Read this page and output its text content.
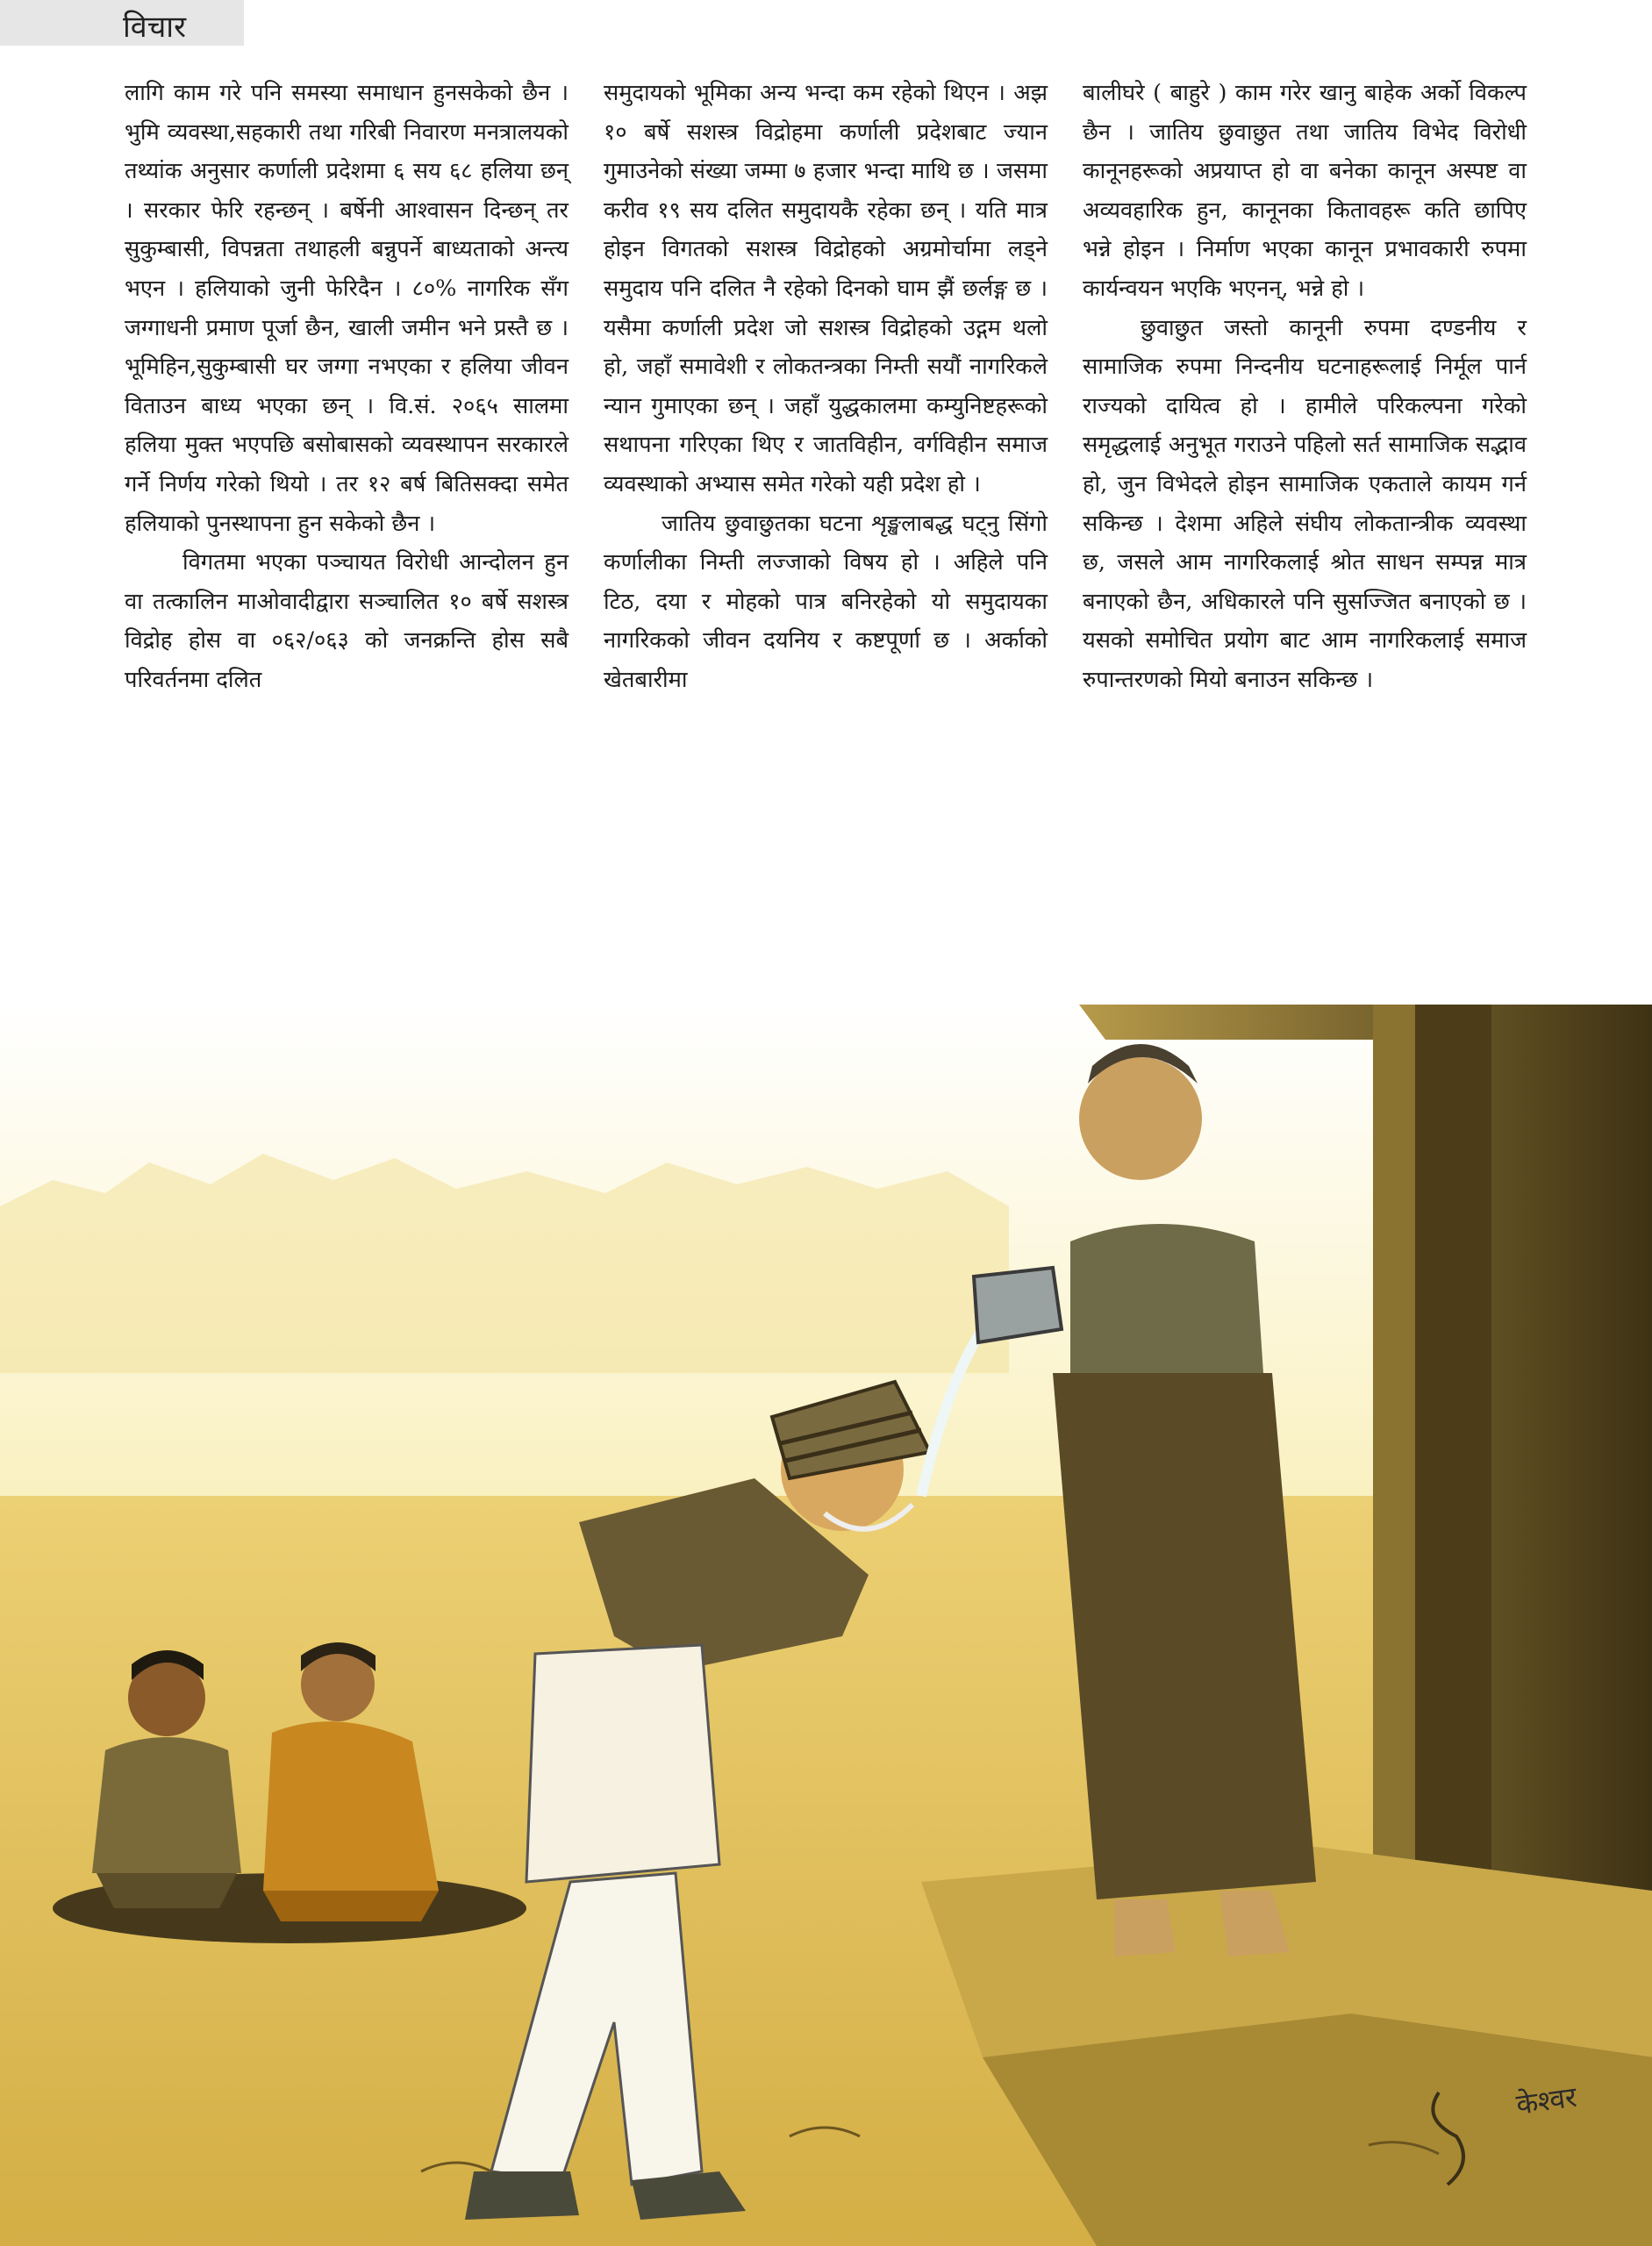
विचार

लागि काम गरे पनि समस्या समाधान हुनसकेको छैन । भुमि व्यवस्था,सहकारी तथा गरिबी निवारण मनत्रालयको तथ्यांक अनुसार कर्णाली प्रदेशमा ६ सय ६८ हलिया छन् । सरकार फेरि रहन्छन् । बर्षेनी आश्वासन दिन्छन् तर सुकुम्बासी, विपन्नता तथाहली बन्नुपर्ने बाध्यताको अन्त्य भएन । हलियाको जुनी फेरिदैन । ८०% नागरिक सँग जग्गाधनी प्रमाण पूर्जा छैन, खाली जमीन भने प्रस्तै छ । भूमिहिन,सुकुम्बासी घर जग्गा नभएका र हलिया जीवन विताउन बाध्य भएका छन् । वि.सं. २०६५ सालमा हलिया मुक्त भएपछि बसोबासको व्यवस्थापन सरकारले गर्ने निर्णय गरेको थियो । तर १२ बर्ष बितिसक्दा समेत हलियाको पुनस्थापना हुन सकेको छैन ।

विगतमा भएका पञ्चायत विरोधी आन्दोलन हुन वा तत्कालिन माओवादीद्वारा सञ्चालित १० बर्षे सशस्त्र विद्रोह होस वा ०६२/०६३ को जनक्रन्ति होस सबै परिवर्तनमा दलित

समुदायको भूमिका अन्य भन्दा कम रहेको थिएन । अझ १० बर्षे सशस्त्र विद्रोहमा कर्णाली प्रदेशबाट ज्यान गुमाउनेको संख्या जम्मा ७ हजार भन्दा माथि छ । जसमा करीव १९ सय दलित समुदायकै रहेका छन् । यति मात्र होइन विगतको सशस्त्र विद्रोहको अग्रमोर्चामा लड्ने समुदाय पनि दलित नै रहेको दिनको घाम झैं छर्लङ्ग छ । यसैमा कर्णाली प्रदेश जो सशस्त्र विद्रोहको उद्गम थलो हो, जहाँ समावेशी र लोकतन्त्रका निम्ती सयौं नागरिकले न्यान गुमाएका छन् । जहाँ युद्धकालमा कम्युनिष्टहरूको सथापना गरिएका थिए र जातविहीन, वर्गविहीन समाज व्यवस्थाको अभ्यास समेत गरेको यही प्रदेश हो ।

जातिय छुवाछुतका घटना शृङ्खलाबद्ध घट्नु सिंगो कर्णालीका निम्ती लज्जाको विषय हो । अहिले पनि टिठ, दया र मोहको पात्र बनिरहेको यो समुदायका नागरिकको जीवन दयनिय र कष्टपूर्णा छ । अर्काको खेतबारीमा

बालीघरे ( बाहुरे ) काम गरेर खानु बाहेक अर्को विकल्प छैन । जातिय छुवाछुत तथा जातिय विभेद विरोधी कानूनहरूको अप्रयाप्त हो वा बनेका कानून अस्पष्ट वा अव्यवहारिक हुन, कानूनका कितावहरू कति छापिए भन्ने होइन । निर्माण भएका कानून प्रभावकारी रुपमा कार्यन्वयन भएकि भएनन्, भन्ने हो ।

छुवाछुत जस्तो कानूनी रुपमा दण्डनीय र सामाजिक रुपमा निन्दनीय घटनाहरूलाई निर्मूल पार्न राज्यको दायित्व हो । हामीले परिकल्पना गरेको समृद्धलाई अनुभूत गराउने पहिलो सर्त सामाजिक सद्भाव हो, जुन विभेदले होइन सामाजिक एकताले कायम गर्न सकिन्छ । देशमा अहिले संघीय लोकतान्त्रीक व्यवस्था छ, जसले आम नागरिकलाई श्रोत साधन सम्पन्न मात्र बनाएको छैन, अधिकारले पनि सुसज्जित बनाएको छ । यसको समोचित प्रयोग बाट आम नागरिकलाई समाज रुपान्तरणको मियो बनाउन सकिन्छ ।

केश्वर
